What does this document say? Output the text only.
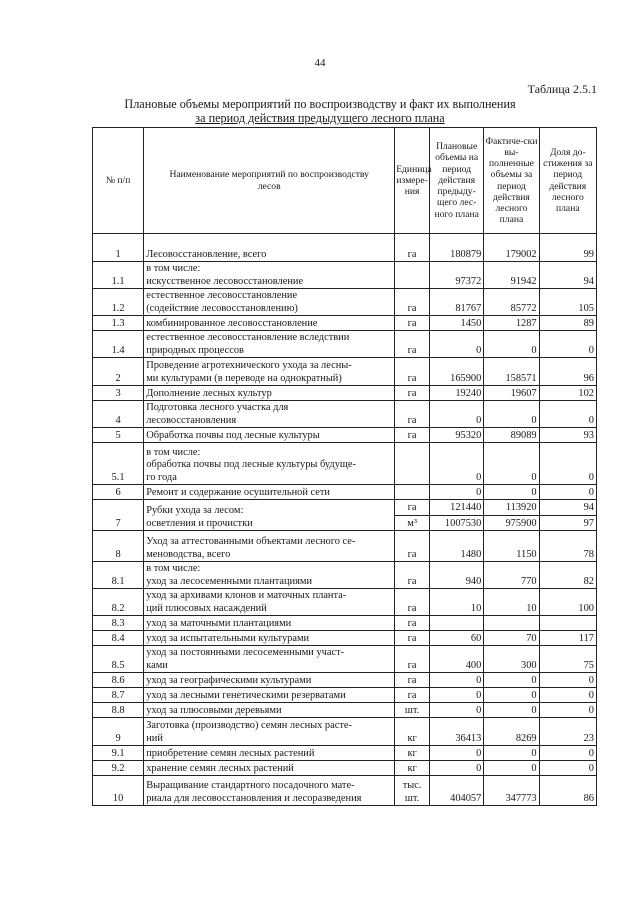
44
Таблица 2.5.1
Плановые объемы мероприятий по воспроизводству и факт их выполнения
за период действия предыдущего лесного плана
№ п/п	Наименование мероприятий по воспроизводству лесов	Единица измере-ния	Плановые объемы на период действия предыду-щего лес-ного плана	Фактиче-ски вы-полненные объемы за период действия лесного плана	Доля до-стижения за период действия лесного плана
1	Лесовосстановление, всего	га	180879	179002	99
1.1	в том числе:
искусственное лесовосстановление		97372	91942	94
1.2	естественное лесовосстановление
(содействие лесовосстановлению)	га	81767	85772	105
1.3	комбинированное лесовосстановление	га	1450	1287	89
1.4	естественное лесовосстановление вследствии
природных процессов	га	0	0	0
2	Проведение агротехнического ухода за лесны-
ми культурами (в переводе на однократный)	га	165900	158571	96
3	Дополнение лесных культур	га	19240	19607	102
4	Подготовка лесного участка для
лесовосстановления	га	0	0	0
5	Обработка почвы под лесные культуры	га	95320	89089	93
5.1	в том числе:
обработка почвы под лесные культуры будуще-
го года		0	0	0
6	Ремонт и содержание осушительной сети		0	0	0
7	Рубки ухода за лесом:
осветления и прочистки	га	121440	113920	94
		м³	1007530	975900	97
8	Уход за аттестованными объектами лесного се-
меноводства, всего	га	1480	1150	78
8.1	в том числе:
уход за лесосеменными плантациями	га	940	770	82
8.2	уход за архивами клонов и маточных планта-
ций плюсовых насаждений	га	10	10	100
8.3	уход за маточными плантациями	га			
8.4	уход за испытательными культурами	га	60	70	117
8.5	уход за постоянными лесосеменными участ-
ками	га	400	300	75
8.6	уход за географическими культурами	га	0	0	0
8.7	уход за лесными генетическими резерватами	га	0	0	0
8.8	уход за плюсовыми деревьями	шт.	0	0	0
9	Заготовка (производство) семян лесных расте-
ний	кг	36413	8269	23
9.1	приобретение семян лесных растений	кг	0	0	0
9.2	хранение семян лесных растений	кг	0	0	0
10	Выращивание стандартного посадочного мате-
риала для лесовосстановления и лесоразведения	тыс. шт.	404057	347773	86
